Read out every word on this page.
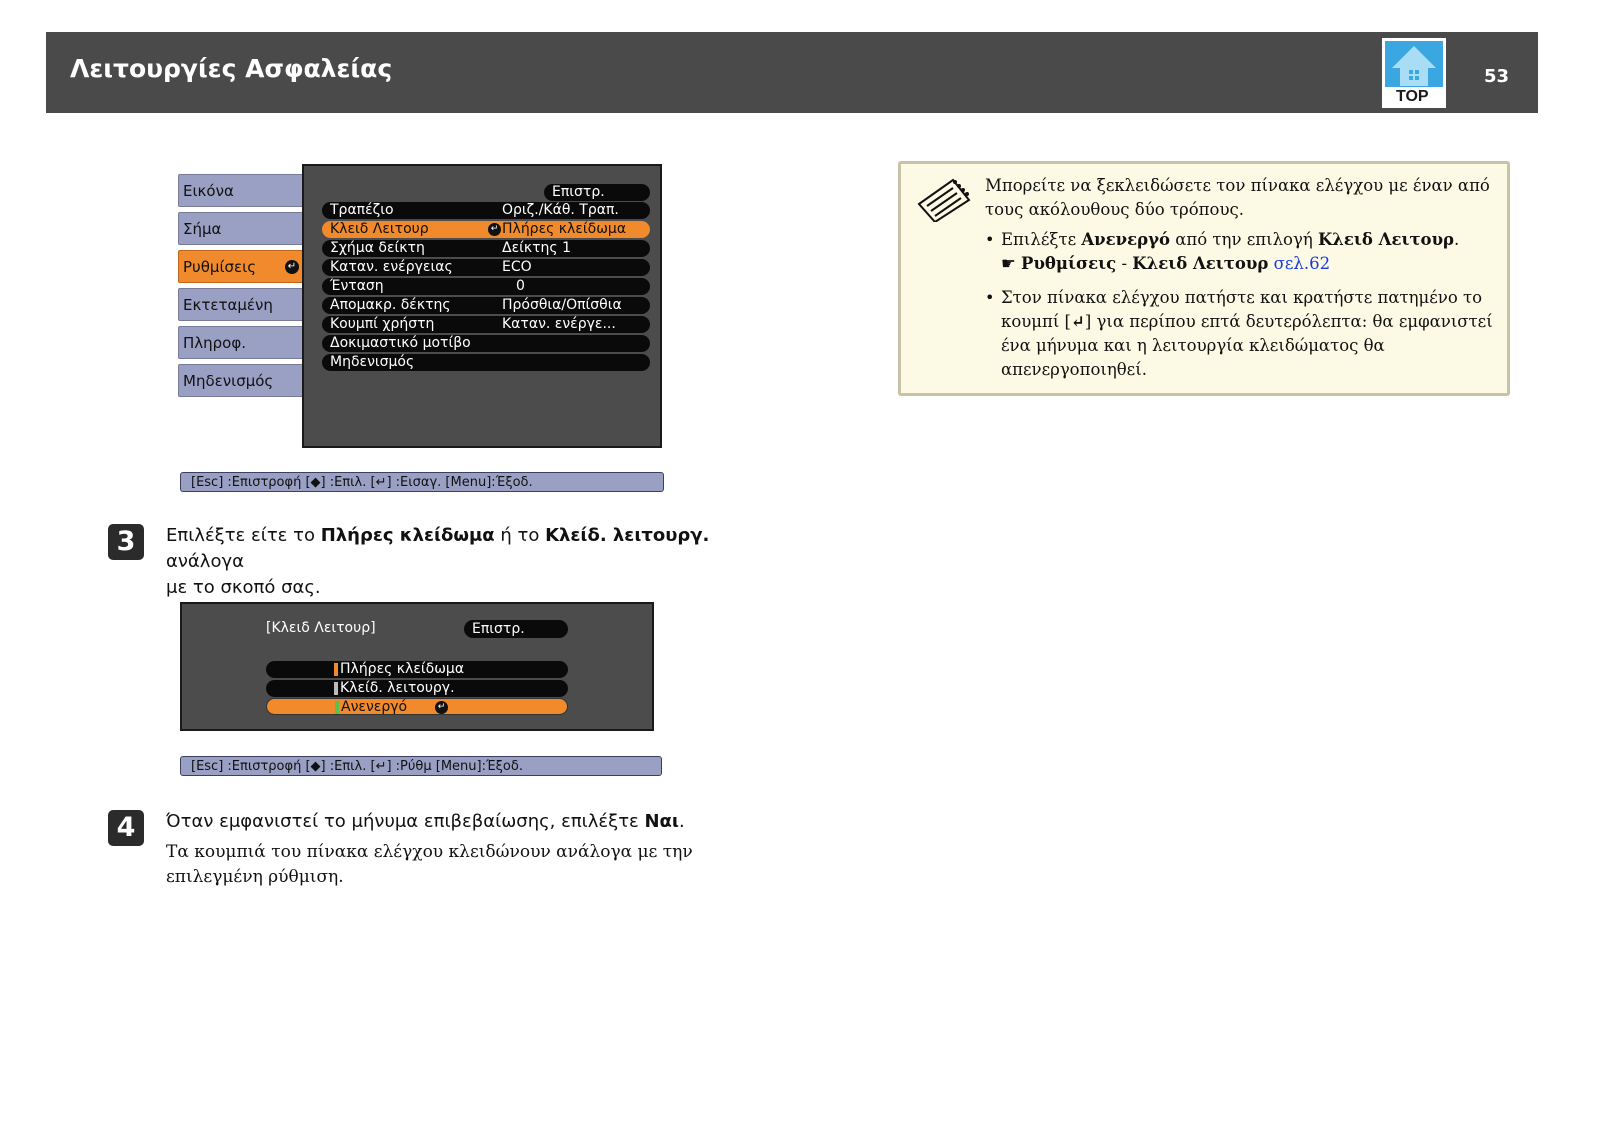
Λειτουργίες Ασφαλείας
TOP
53
Εικόνα
Σήμα
Ρυθμίσεις	↵
Εκτεταμένη
Πληροφ.
Μηδενισμός
Επιστρ.
Τραπέζιο	Οριζ./Κάθ. Τραπ.
Κλειδ Λειτουρ	↵ Πλήρες κλείδωμα
Σχήμα δείκτη	Δείκτης 1
Καταν. ενέργειας	ECO
Ένταση	0
Απομακρ. δέκτης	Πρόσθια/Οπίσθια
Κουμπί χρήστη	Καταν. ενέργε...
Δοκιμαστικό μοτίβο
Μηδενισμός
[Esc] :Επιστροφή [◆] :Επιλ. [↵] :Εισαγ. [Menu]:Έξοδ.
3	Επιλέξτε είτε το Πλήρες κλείδωμα ή το Κλείδ. λειτουργ. ανάλογα
με το σκοπό σας.
[Κλειδ Λειτουρ]	Επιστρ.
Πλήρες κλείδωμα
Κλείδ. λειτουργ.
Ανενεργό	↵
[Esc] :Επιστροφή [◆] :Επιλ. [↵] :Ρύθμ [Menu]:Έξοδ.
4	Όταν εμφανιστεί το μήνυμα επιβεβαίωσης, επιλέξτε Ναι.
Τα κουμπιά του πίνακα ελέγχου κλειδώνουν ανάλογα με την
επιλεγμένη ρύθμιση.
Μπορείτε να ξεκλειδώσετε τον πίνακα ελέγχου με έναν από
τους ακόλουθους δύο τρόπους.
• Επιλέξτε Ανενεργό από την επιλογή Κλειδ Λειτουρ.
☛ Ρυθμίσεις - Κλειδ Λειτουρ σελ.62
• Στον πίνακα ελέγχου πατήστε και κρατήστε πατημένο το
κουμπί [↵] για περίπου επτά δευτερόλεπτα: θα εμφανιστεί
ένα μήνυμα και η λειτουργία κλειδώματος θα
απενεργοποιηθεί.
